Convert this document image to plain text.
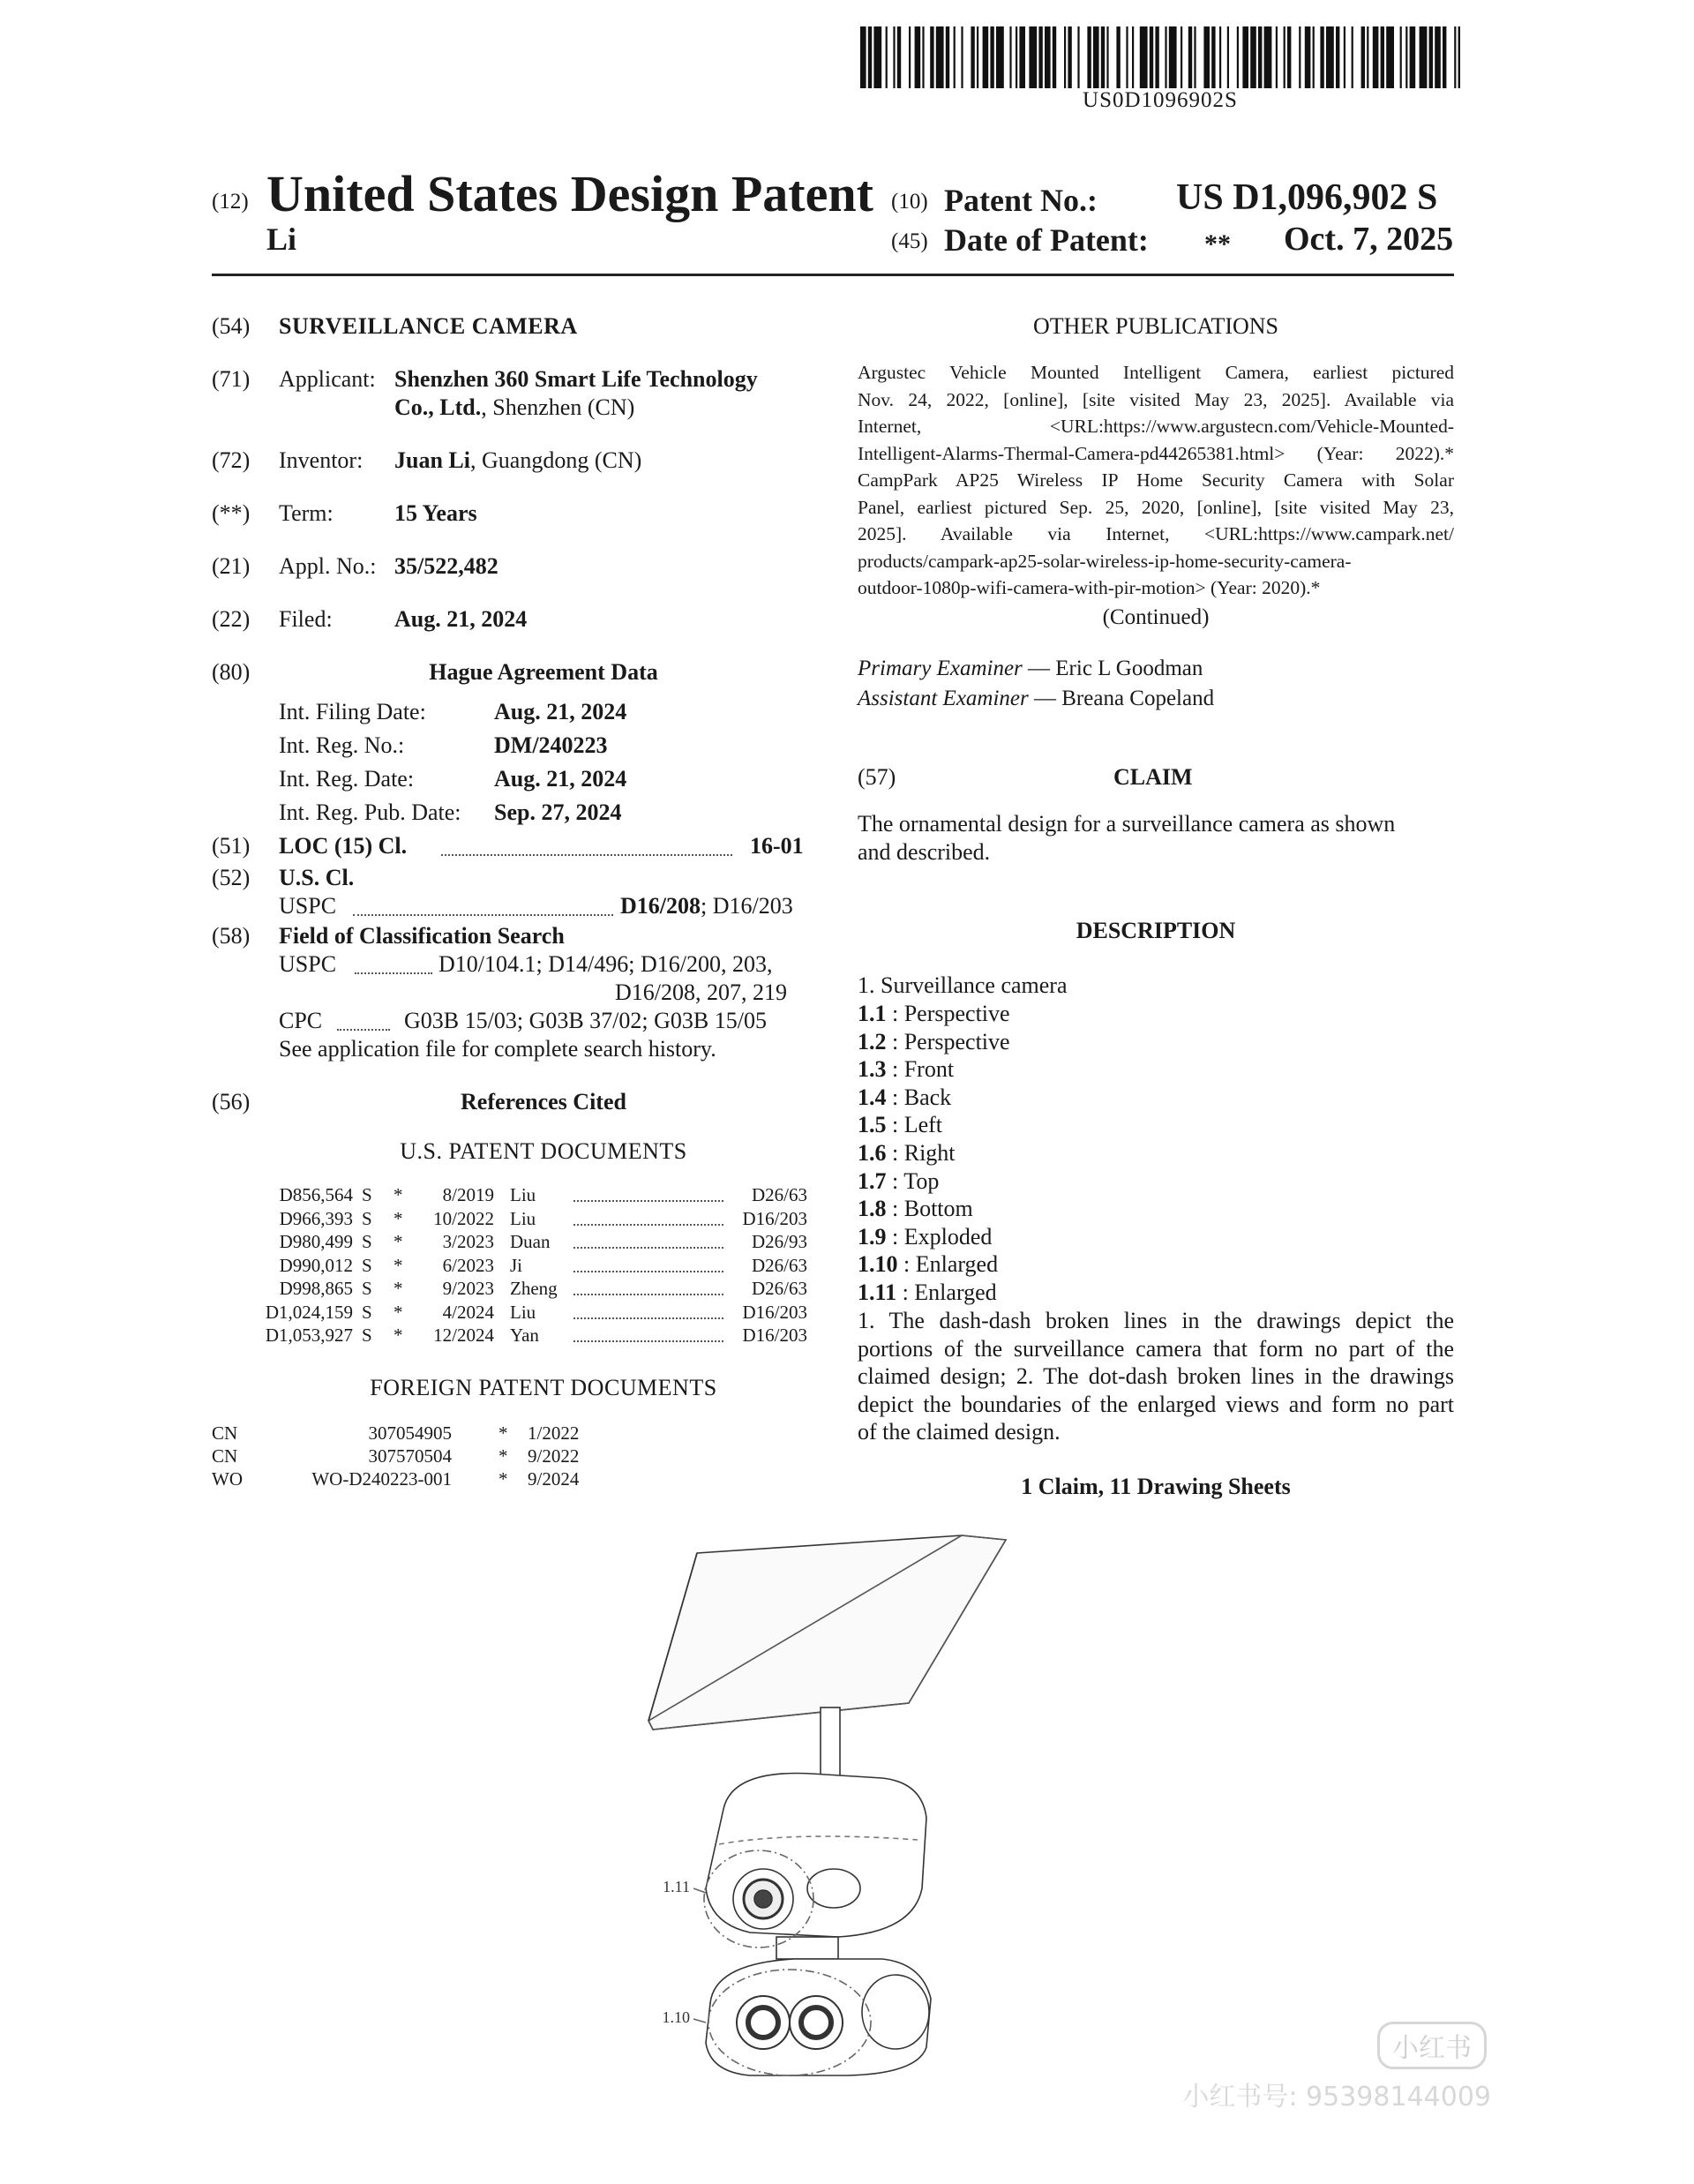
US0D1096902S
(12) United States Design Patent
Li
(10) Patent No.: US D1,096,902 S
(45) Date of Patent: ** Oct. 7, 2025
(54) SURVEILLANCE CAMERA
(71) Applicant: Shenzhen 360 Smart Life Technology
Co., Ltd., Shenzhen (CN)
(72) Inventor: Juan Li, Guangdong (CN)
(**) Term:	15 Years
(21) Appl. No.: 35/522,482
(22) Filed:	Aug. 21, 2024
(80)	Hague Agreement Data
Int. Filing Date:	Aug. 21, 2024
Int. Reg. No.:	DM/240223
Int. Reg. Date:	Aug. 21, 2024
Int. Reg. Pub. Date: Sep. 27, 2024
(51) LOC (15) Cl.	16-01
(52) U.S. Cl.
USPC	D16/208; D16/203
(58) Field of Classification Search
USPC	D10/104.1; D14/496; D16/200, 203,
D16/208, 207, 219
CPC	G03B 15/03; G03B 37/02; G03B 15/05
See application file for complete search history.
(56)	References Cited
U.S. PATENT DOCUMENTS
D856,564 S *	8/2019 Liu	D26/63
D966,393 S *	10/2022 Liu	D16/203
D980,499 S *	3/2023 Duan	D26/93
D990,012 S *	6/2023 Ji	D26/63
D998,865 S *	9/2023 Zheng	D26/63
D1,024,159 S *	4/2024 Liu	D16/203
D1,053,927 S *	12/2024 Yan	D16/203
FOREIGN PATENT DOCUMENTS
CN	307054905	* 1/2022
CN	307570504	* 9/2022
WO	WO-D240223-001	* 9/2024
OTHER PUBLICATIONS
Argustec Vehicle Mounted Intelligent Camera, earliest pictured
Nov. 24, 2022, [online], [site visited May 23, 2025]. Available via
Internet, <URL:https://www.argustecn.com/Vehicle-Mounted-
Intelligent-Alarms-Thermal-Camera-pd44265381.html> (Year: 2022).*
CampPark AP25 Wireless IP Home Security Camera with Solar
Panel, earliest pictured Sep. 25, 2020, [online], [site visited May 23,
2025]. Available via Internet, <URL:https://www.campark.net/
products/campark-ap25-solar-wireless-ip-home-security-camera-
outdoor-1080p-wifi-camera-with-pir-motion> (Year: 2020).*
(Continued)
Primary Examiner — Eric L Goodman
Assistant Examiner — Breana Copeland
(57)	CLAIM
The ornamental design for a surveillance camera as shown
and described.
DESCRIPTION
1. Surveillance camera
1.1 : Perspective
1.2 : Perspective
1.3 : Front
1.4 : Back
1.5 : Left
1.6 : Right
1.7 : Top
1.8 : Bottom
1.9 : Exploded
1.10 : Enlarged
1.11 : Enlarged
1. The dash-dash broken lines in the drawings depict the
portions of the surveillance camera that form no part of the
claimed design; 2. The dot-dash broken lines in the drawings
depict the boundaries of the enlarged views and form no part
of the claimed design.
1 Claim, 11 Drawing Sheets
1.11
1.10
小红书
小红书号: 95398144009
